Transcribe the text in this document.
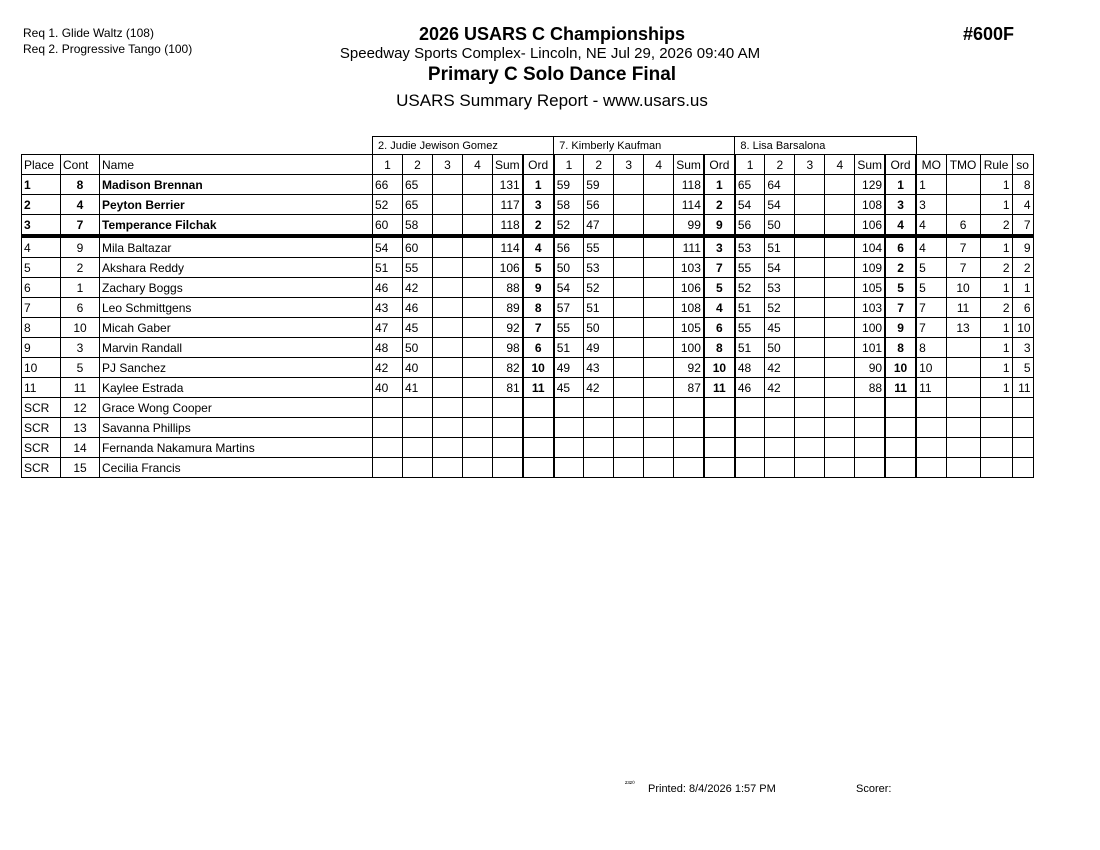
Req 1. Glide Waltz (108)
Req 2. Progressive Tango (100)
2026 USARS C Championships
Speedway Sports Complex- Lincoln, NE Jul 29, 2026 09:40 AM
Primary C Solo Dance Final
USARS Summary Report - www.usars.us
#600F
			2. Judie Jewison Gomez						7. Kimberly Kaufman						8. Lisa Barsalona									
Place	Cont	Name	1	2	3	4	Sum	Ord	1	2	3	4	Sum	Ord	1	2	3	4	Sum	Ord	MO	TMO	Rule	so
1	8	Madison Brennan	66	65			131	1	59	59			118	1	65	64			129	1	1		1	8
2	4	Peyton Berrier	52	65			117	3	58	56			114	2	54	54			108	3	3		1	4
3	7	Temperance Filchak	60	58			118	2	52	47			99	9	56	50			106	4	4	6	2	7
4	9	Mila Baltazar	54	60			114	4	56	55			111	3	53	51			104	6	4	7	1	9
5	2	Akshara Reddy	51	55			106	5	50	53			103	7	55	54			109	2	5	7	2	2
6	1	Zachary Boggs	46	42			88	9	54	52			106	5	52	53			105	5	5	10	1	1
7	6	Leo Schmittgens	43	46			89	8	57	51			108	4	51	52			103	7	7	11	2	6
8	10	Micah Gaber	47	45			92	7	55	50			105	6	55	45			100	9	7	13	1	10
9	3	Marvin Randall	48	50			98	6	51	49			100	8	51	50			101	8	8		1	3
10	5	PJ Sanchez	42	40			82	10	49	43			92	10	48	42			90	10	10		1	5
11	11	Kaylee Estrada	40	41			81	11	45	42			87	11	46	42			88	11	11		1	11
SCR	12	Grace Wong Cooper																						
SCR	13	Savanna Phillips																						
SCR	14	Fernanda Nakamura Martins																						
SCR	15	Cecilia Francis																						
²³²⁰ Printed: 8/4/2026 1:57 PM	Scorer:
